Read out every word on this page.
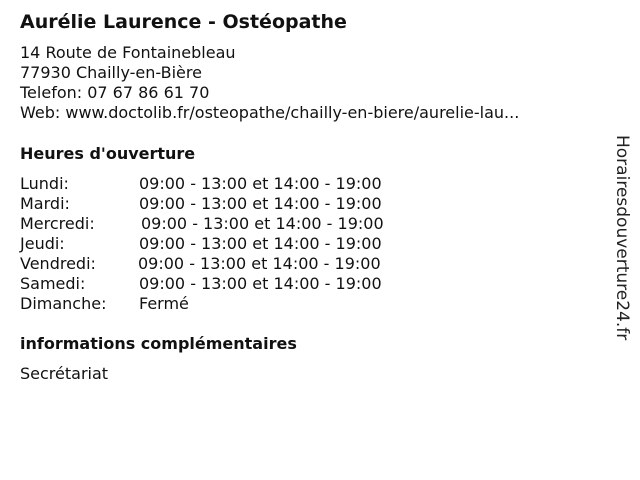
Aurélie Laurence - Ostéopathe
14 Route de Fontainebleau
77930 Chailly-en-Bière
Telefon: 07 67 86 61 70
Web: www.doctolib.fr/osteopathe/chailly-en-biere/aurelie-lau...
Heures d'ouverture
Lundi:	09:00 - 13:00 et 14:00 - 19:00
Mardi:	09:00 - 13:00 et 14:00 - 19:00
Mercredi:	09:00 - 13:00 et 14:00 - 19:00
Jeudi:	09:00 - 13:00 et 14:00 - 19:00
Vendredi:	09:00 - 13:00 et 14:00 - 19:00
Samedi:	09:00 - 13:00 et 14:00 - 19:00
Dimanche: Fermé
informations complémentaires
Secrétariat
Horairesdouverture24.fr
